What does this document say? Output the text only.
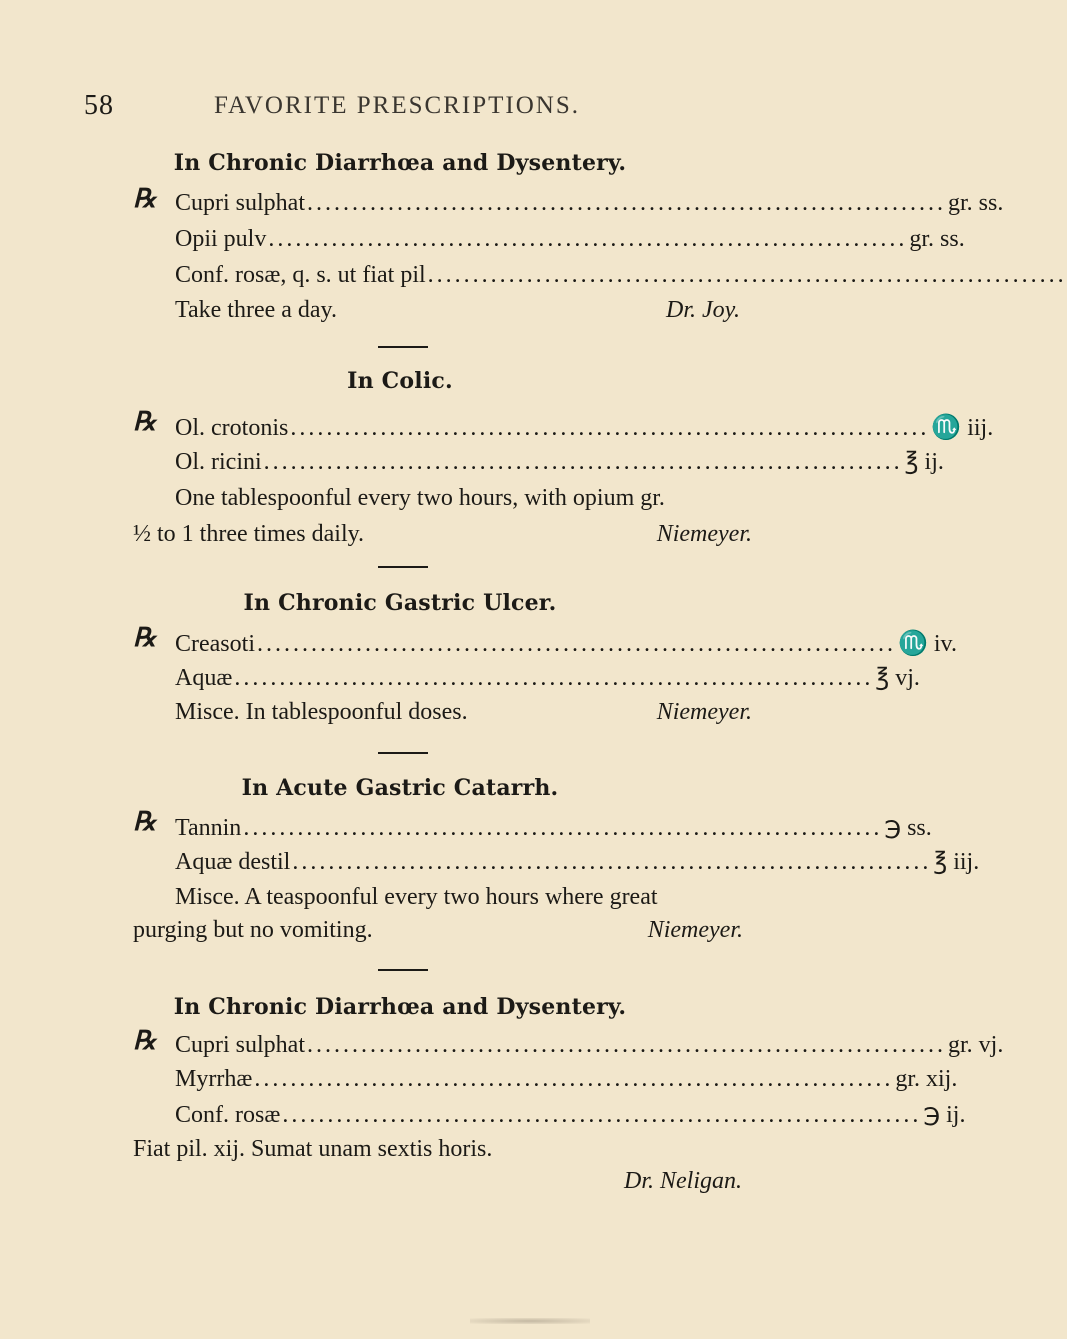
58	FAVORITE PRESCRIPTIONS.
In Chronic Diarrhœa and Dysentery.
℞ Cupri sulphat ....................................................................... gr. ss.
Opii pulv ....................................................................... gr. ss.
Conf. rosæ, q. s. ut fiat pil .......................................................................
Take three a day.	Dr. Joy.
In Colic.
℞ Ol. crotonis ....................................................................... ♏ iij.
Ol. ricini ....................................................................... ℥ ij.
One tablespoonful every two hours, with opium gr.
½ to 1 three times daily.	Niemeyer.
In Chronic Gastric Ulcer.
℞ Creasoti ....................................................................... ♏ iv.
Aquæ ....................................................................... ℥ vj.
Misce. In tablespoonful doses.	Niemeyer.
In Acute Gastric Catarrh.
℞ Tannin ....................................................................... ℈ ss.
Aquæ destil ....................................................................... ℥ iij.
Misce. A teaspoonful every two hours where great
purging but no vomiting.	Niemeyer.
In Chronic Diarrhœa and Dysentery.
℞ Cupri sulphat ....................................................................... gr. vj.
Myrrhæ ....................................................................... gr. xij.
Conf. rosæ ....................................................................... ℈ ij.
Fiat pil. xij. Sumat unam sextis horis.
Dr. Neligan.
